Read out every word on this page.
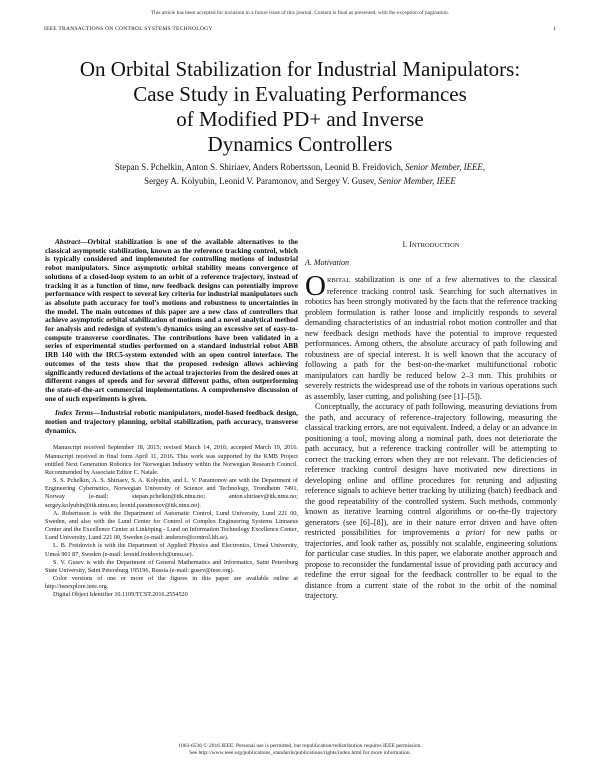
This article has been accepted for inclusion in a future issue of this journal. Content is final as presented, with the exception of pagination.
IEEE TRANSACTIONS ON CONTROL SYSTEMS TECHNOLOGY	1
On Orbital Stabilization for Industrial Manipulators:
Case Study in Evaluating Performances
of Modified PD+ and Inverse
Dynamics Controllers
Stepan S. Pchelkin, Anton S. Shiriaev, Anders Robertsson, Leonid B. Freidovich, Senior Member, IEEE,
Sergey A. Kolyubin, Leonid V. Paramonov, and Sergey V. Gusev, Senior Member, IEEE

Abstract—Orbital stabilization is one of the available alternatives to the classical asymptotic stabilization, known as the reference tracking control, which is typically considered and implemented for controlling motions of industrial robot manipulators. Since asymptotic orbital stability means convergence of solutions of a closed-loop system to an orbit of a reference trajectory, instead of tracking it as a function of time, new feedback designs can potentially improve performance with respect to several key criteria for industrial manipulators such as absolute path accuracy for tool’s motions and robustness to uncertainties in the model. The main outcomes of this paper are a new class of controllers that achieve asymptotic orbital stabilization of motions and a novel analytical method for analysis and redesign of system’s dynamics using an excessive set of easy-to-compute transverse coordinates. The contributions have been validated in a series of experimental studies performed on a standard industrial robot ABB IRB 140 with the IRC5-system extended with an open control interface. The outcomes of the tests show that the proposed redesign allows achieving significantly reduced deviations of the actual trajectories from the desired ones at different ranges of speeds and for several different paths, often outperforming the state-of-the-art commercial implementations. A comprehensive discussion of one of such experiments is given.

Index Terms—Industrial robotic manipulators, model-based feedback design, motion and trajectory planning, orbital stabilization, path accuracy, transverse dynamics.

Manuscript received September 18, 2015; revised March 14, 2016; accepted March 19, 2016. Manuscript received in final form April 11, 2016. This work was supported by the KMB Project entitled Next Generation Robotics for Norwegian Industry within the Norwegian Research Council. Recommended by Associate Editor C. Natale.

S. S. Pchelkin, A. S. Shiriaev, S. A. Kolyubin, and L. V. Paramonov are with the Department of Engineering Cybernetics, Norwegian University of Science and Technology, Trondheim 7491, Norway (e-mail: stepan.pchelkin@itk.ntnu.no; anton.shiriaev@itk.ntnu.no; sergey.kolyubin@itk.ntnu.no; leonid.paramonov@itk.ntnu.no).

A. Robertsson is with the Department of Automatic Control, Lund University, Lund 221 00, Sweden, and also with the Lund Center for Control of Complex Engineering Systems Linnaeus Center and the Excellence Center at Linköping - Lund on Information Technology Excellence Center, Lund University, Lund 221 00, Sweden (e-mail: andersro@control.lth.se).

L. B. Freidovich is with the Department of Applied Physics and Electronics, Umeå University, Umeå 901 87, Sweden (e-mail: leonid.freidovich@umu.se).

S. V. Gusev is with the Department of General Mathematics and Informatics, Saint Petersburg State University, Saint Petersburg 195196, Russia (e-mail: gusev@ieee.org).

Color versions of one or more of the figures in this paper are available online at http://ieeexplore.ieee.org.

Digital Object Identifier 10.1109/TCST.2016.2554520

I. INTRODUCTION
A. Motivation

ORBITAL stabilization is one of a few alternatives to the classical reference tracking control task. Searching for such alternatives in robotics has been strongly motivated by the facts that the reference tracking problem formulation is rather loose and implicitly responds to several demanding characteristics of an industrial robot motion controller and that new feedback design methods have the potential to improve requested performances. Among others, the absolute accuracy of path following and robustness are of special interest. It is well known that the accuracy of following a path for the best-on-the-market multifunctional robotic manipulators can hardly be reduced below 2–3 mm. This prohibits or severely restricts the widespread use of the robots in various operations such as assembly, laser cutting, and polishing (see [1]–[5]).

Conceptually, the accuracy of path following, measuring deviations from the path, and accuracy of reference–trajectory following, measuring the classical tracking errors, are not equivalent. Indeed, a delay or an advance in positioning a tool, moving along a nominal path, does not deteriorate the path accuracy, but a reference tracking controller will be attempting to correct the tracking errors when they are not relevant. The deficiencies of reference tracking control designs have motivated new directions in developing online and offline procedures for retuning and adjusting reference signals to achieve better tracking by utilizing (batch) feedback and the good repeatability of the controlled system. Such methods, commonly known as iterative learning control algorithms or on-the-fly trajectory generators (see [6]–[8]), are in their nature error driven and have often restricted possibilities for improvements a priori for new paths or trajectories, and look rather as, possibly not scalable, engineering solutions for particular case studies. In this paper, we elaborate another approach and propose to reconsider the fundamental issue of providing path accuracy and redefine the error signal for the feedback controller to be equal to the distance from a current state of the robot to the orbit of the nominal trajectory.

1063-6536 © 2016 IEEE. Personal use is permitted, but republication/redistribution requires IEEE permission.
See http://www.ieee.org/publications_standards/publications/rights/index.html for more information.
